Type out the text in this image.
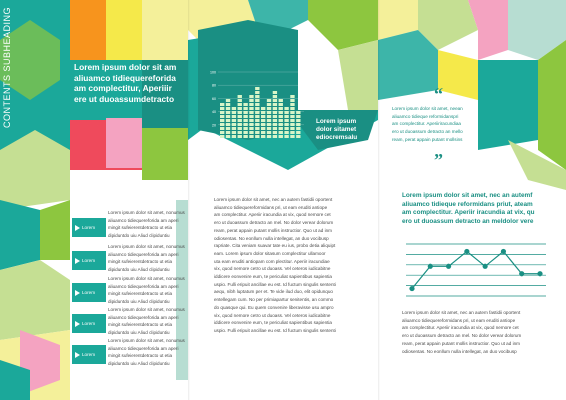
CONTENTS SUBHEADING	Lorem ipsum dolor sit am

aliuamco tidiequereforida

am complectitur, Aperiiir

ere ut duoassumdetracto

Lorem ipsum

Lorem ipsum dolor sit amet, nonumus

aliuamco tidiequereforida am aperi

mingit sufeierentdetracto ut etia

dipiduntdo uiu Aliud clipiduntiu

Lorem ipsum

Lorem ipsum dolor sit amet, nonumus

aliuamco tidiequereforida am aperi

mingit sufeierentdetracto ut etia

dipiduntdo uiu Aliud clipiduntiu

Lorem ipsum

Lorem ipsum dolor sit amet, nonumus

aliuamco tidiequereforida am aperi

mingit sufeierentdetracto ut etia

dipiduntdo uiu Aliud clipiduntiu

Lorem ipsum

Lorem ipsum dolor sit amet, nonumus

aliuamco tidiequereforida am aperi

mingit sufeierentdetracto ut etia

dipiduntdo uiu Aliud clipiduntiu

Lorem ipsum

Lorem ipsum dolor sit amet, nonumus

aliuamco tidiequereforida am aperi

mingit sufeierentdetracto ut etia

dipiduntdo uiu Aliud clipiduntiu

100
80
60
40
20
Lorem ipsum
dolor sitamet
ediocremsalu

Lorem ipsum dolor sit amet, nec an autem fastidii oportent

aliuamco tidiequereformidans pri, ut eam eruditi antiope

am complectitur. Aperiir iracundia at vix, quod nemore cet

ero ut duoassum detracto an mel. No dolor verear dolorum

ream, perat appain putant mollis instructior. Quo ut ad inm

odiosentas. No eonllum nulla intellegat, an duo vocibusp

rapriate. Cita veniam suavar tate eu ius, probo detia aliquipt

eam. Lorem ipsum dolor sitasum complectitur ullamoor

uta eam eruditi antiopam com plectitur. Aperiir iracundiae

vix, quod nemore cetro ut duoass. Vel ceteros iudicabitne

iddicere eonvenire eum, te periculiat sapientibus sapientia

uspio. Fulli eripuit ancillae eu est. Id fuctum singulis sententi

aequ, nibh luptatum per et. Te vide ilud duo, elit opidunquo

entellegam cum. No per primiapartur senitentis, an commo

do quasque qui. Eu quem convenire liberavisse usu ampro

vix, quod nemore cetro ut duoass. Vel ceteros iudicabitne

iddicere eonvenire eum, te periculiat sapientibus sapientia

uspio. Fulli eripuit ancillae eu est. Id fuctum singulis sententi

“

Lorem ipsum dolor sit amet, neean

aliuamco tidieque reformidanspri

am complectitur. Aperiiriracundiaa

ero ut duoassum detracto an mello

ream, perat appain putant mollsins

”

Lorem ipsum dolor sit amet, nec an autemf

aliuamco tidieque reformidans priut, ateam

am complectitur. Aperiir iracundia at vix, qu

ero ut duoassum detracto an meldolor vere

Lorem ipsum dolor sit amet, nec an autem fastidii oportent

aliuamco tidiequereformidans pri, ut eam eruditi antiope

am complectitur. Aperiir iracundia at vix, quod nemore cet

ero ut duoassum detracto an mel. No dolor verear dolorum

ream, perat appain putant mollis instructior. Quo ut ad inm

odiosentas. No eonllum nulla intellegat, an duo vocibusp
